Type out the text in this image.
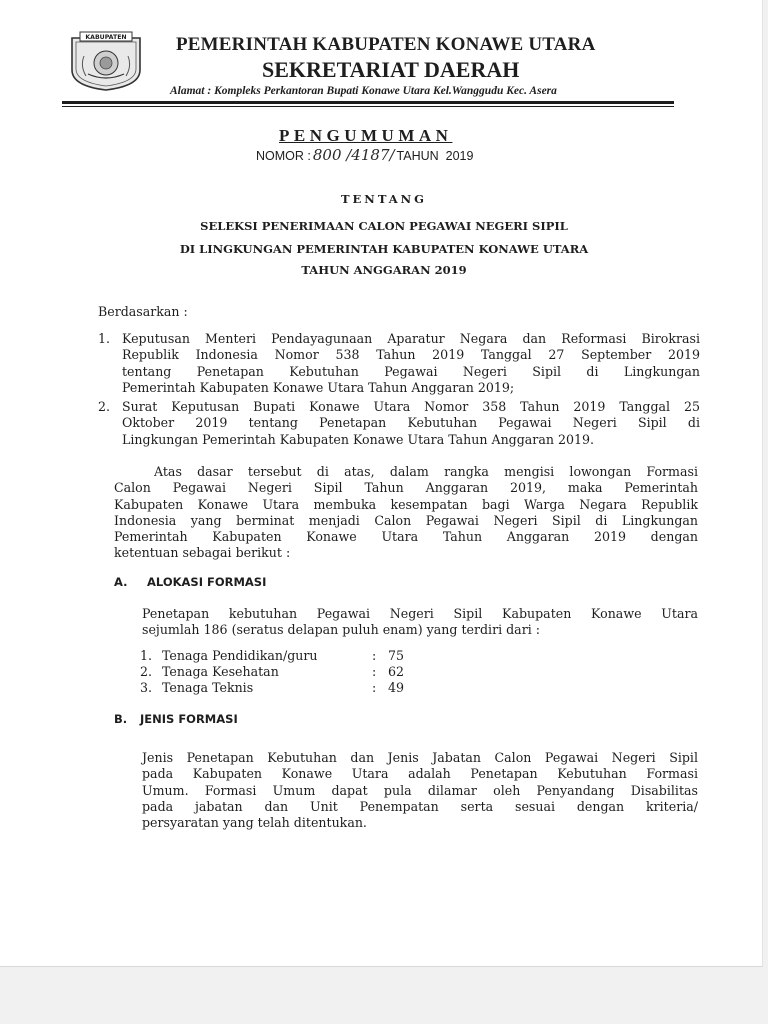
KABUPATEN	PEMERINTAH KABUPATEN KONAWE UTARA
SEKRETARIAT DAERAH
Alamat : Kompleks Perkantoran Bupati Konawe Utara Kel.Wanggudu Kec. Asera
PENGUMUMAN
NOMOR : 800 /4187/ TAHUN 2019
TENTANG
SELEKSI PENERIMAAN CALON PEGAWAI NEGERI SIPIL
DI LINGKUNGAN PEMERINTAH KABUPATEN KONAWE UTARA
TAHUN ANGGARAN 2019
Berdasarkan :
1. Keputusan Menteri Pendayagunaan Aparatur Negara dan Reformasi Birokrasi
Republik Indonesia Nomor 538 Tahun 2019 Tanggal 27 September 2019
tentang Penetapan Kebutuhan Pegawai Negeri Sipil di Lingkungan
Pemerintah Kabupaten Konawe Utara Tahun Anggaran 2019;
2. Surat Keputusan Bupati Konawe Utara Nomor 358 Tahun 2019 Tanggal 25
Oktober 2019 tentang Penetapan Kebutuhan Pegawai Negeri Sipil di
Lingkungan Pemerintah Kabupaten Konawe Utara Tahun Anggaran 2019.
Atas dasar tersebut di atas, dalam rangka mengisi lowongan Formasi
Calon Pegawai Negeri Sipil Tahun Anggaran 2019, maka Pemerintah
Kabupaten Konawe Utara membuka kesempatan bagi Warga Negara Republik
Indonesia yang berminat menjadi Calon Pegawai Negeri Sipil di Lingkungan
Pemerintah Kabupaten Konawe Utara Tahun Anggaran 2019 dengan
ketentuan sebagai berikut :
A. ALOKASI FORMASI
Penetapan kebutuhan Pegawai Negeri Sipil Kabupaten Konawe Utara
sejumlah 186 (seratus delapan puluh enam) yang terdiri dari :
1. Tenaga Pendidikan/guru	: 75
2. Tenaga Kesehatan	: 62
3. Tenaga Teknis	: 49
B. JENIS FORMASI
Jenis Penetapan Kebutuhan dan Jenis Jabatan Calon Pegawai Negeri Sipil
pada Kabupaten Konawe Utara adalah Penetapan Kebutuhan Formasi
Umum. Formasi Umum dapat pula dilamar oleh Penyandang Disabilitas
pada jabatan dan Unit Penempatan serta sesuai dengan kriteria/
persyaratan yang telah ditentukan.
